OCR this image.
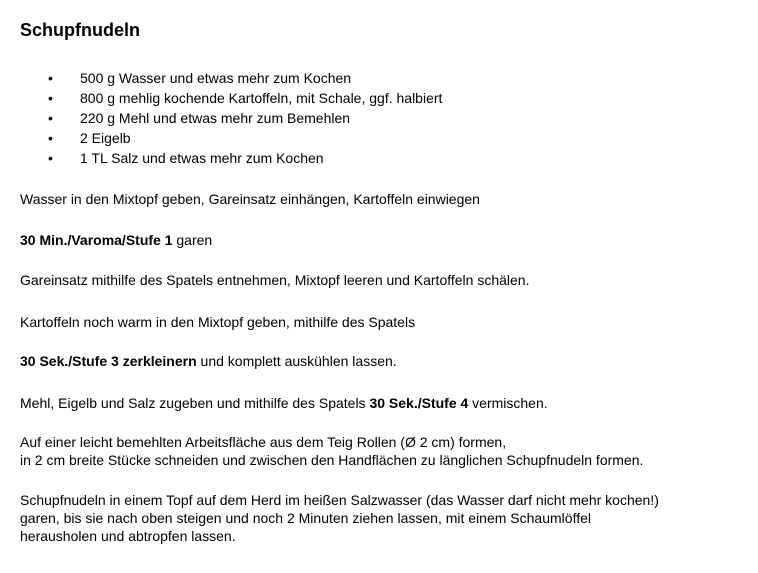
Schupfnudeln
• 500 g Wasser und etwas mehr zum Kochen
• 800 g mehlig kochende Kartoffeln, mit Schale, ggf. halbiert
• 220 g Mehl und etwas mehr zum Bemehlen
• 2 Eigelb
• 1 TL Salz und etwas mehr zum Kochen

Wasser in den Mixtopf geben, Gareinsatz einhängen, Kartoffeln einwiegen

30 Min./Varoma/Stufe 1 garen

Gareinsatz mithilfe des Spatels entnehmen, Mixtopf leeren und Kartoffeln schälen.

Kartoffeln noch warm in den Mixtopf geben, mithilfe des Spatels

30 Sek./Stufe 3 zerkleinern und komplett auskühlen lassen.

Mehl, Eigelb und Salz zugeben und mithilfe des Spatels 30 Sek./Stufe 4 vermischen.

Auf einer leicht bemehlten Arbeitsfläche aus dem Teig Rollen (Ø 2 cm) formen,
in 2 cm breite Stücke schneiden und zwischen den Handflächen zu länglichen Schupfnudeln formen.

Schupfnudeln in einem Topf auf dem Herd im heißen Salzwasser (das Wasser darf nicht mehr kochen!)
garen, bis sie nach oben steigen und noch 2 Minuten ziehen lassen, mit einem Schaumlöffel
herausholen und abtropfen lassen.
